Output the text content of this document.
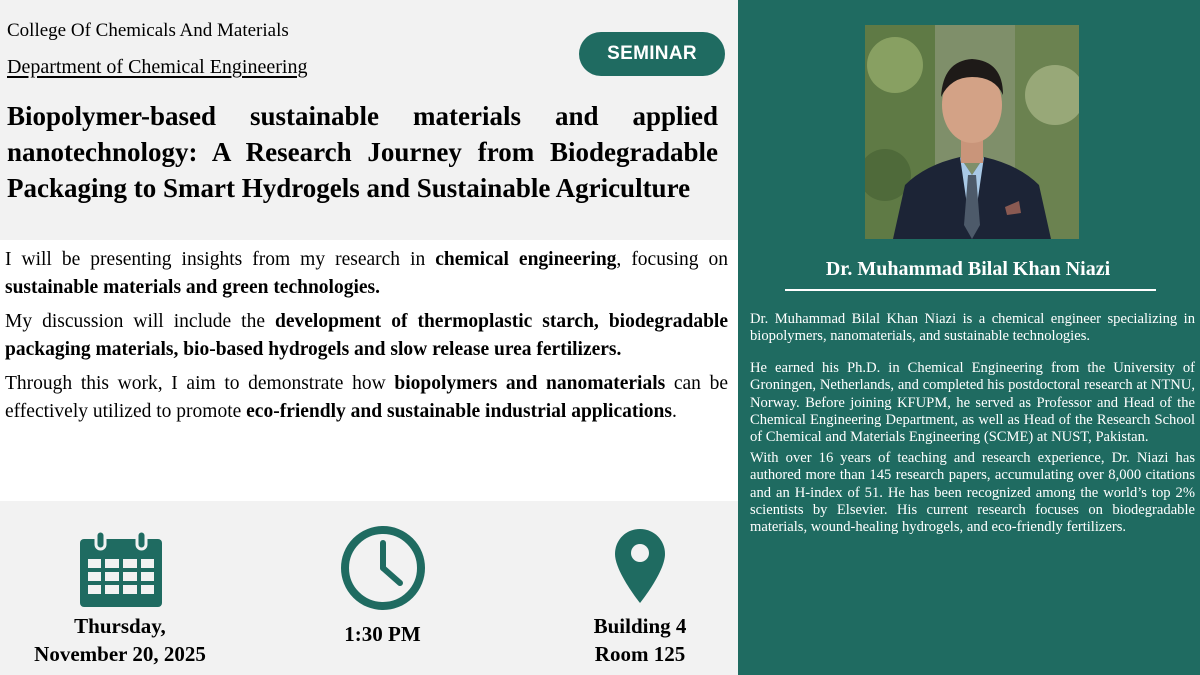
College Of Chemicals And Materials
Department of Chemical Engineering
SEMINAR
Biopolymer-based sustainable materials and applied nanotechnology: A Research Journey from Biodegradable Packaging to Smart Hydrogels and Sustainable Agriculture

I will be presenting insights from my research in chemical engineering, focusing on sustainable materials and green technologies.

My discussion will include the development of thermoplastic starch, biodegradable packaging materials, bio-based hydrogels and slow release urea fertilizers.

Through this work, I aim to demonstrate how biopolymers and nanomaterials can be effectively utilized to promote eco-friendly and sustainable industrial applications.

Thursday,
November 20, 2025
1:30 PM	Building 4
Room 125
Dr. Muhammad Bilal Khan Niazi

Dr. Muhammad Bilal Khan Niazi is a chemical engineer specializing in biopolymers, nanomaterials, and sustainable technologies.

He earned his Ph.D. in Chemical Engineering from the University of Groningen, Netherlands, and completed his postdoctoral research at NTNU, Norway. Before joining KFUPM, he served as Professor and Head of the Chemical Engineering Department, as well as Head of the Research School of Chemical and Materials Engineering (SCME) at NUST, Pakistan.

With over 16 years of teaching and research experience, Dr. Niazi has authored more than 145 research papers, accumulating over 8,000 citations and an H-index of 51. He has been recognized among the world’s top 2% scientists by Elsevier. His current research focuses on biodegradable materials, wound-healing hydrogels, and eco-friendly fertilizers.
